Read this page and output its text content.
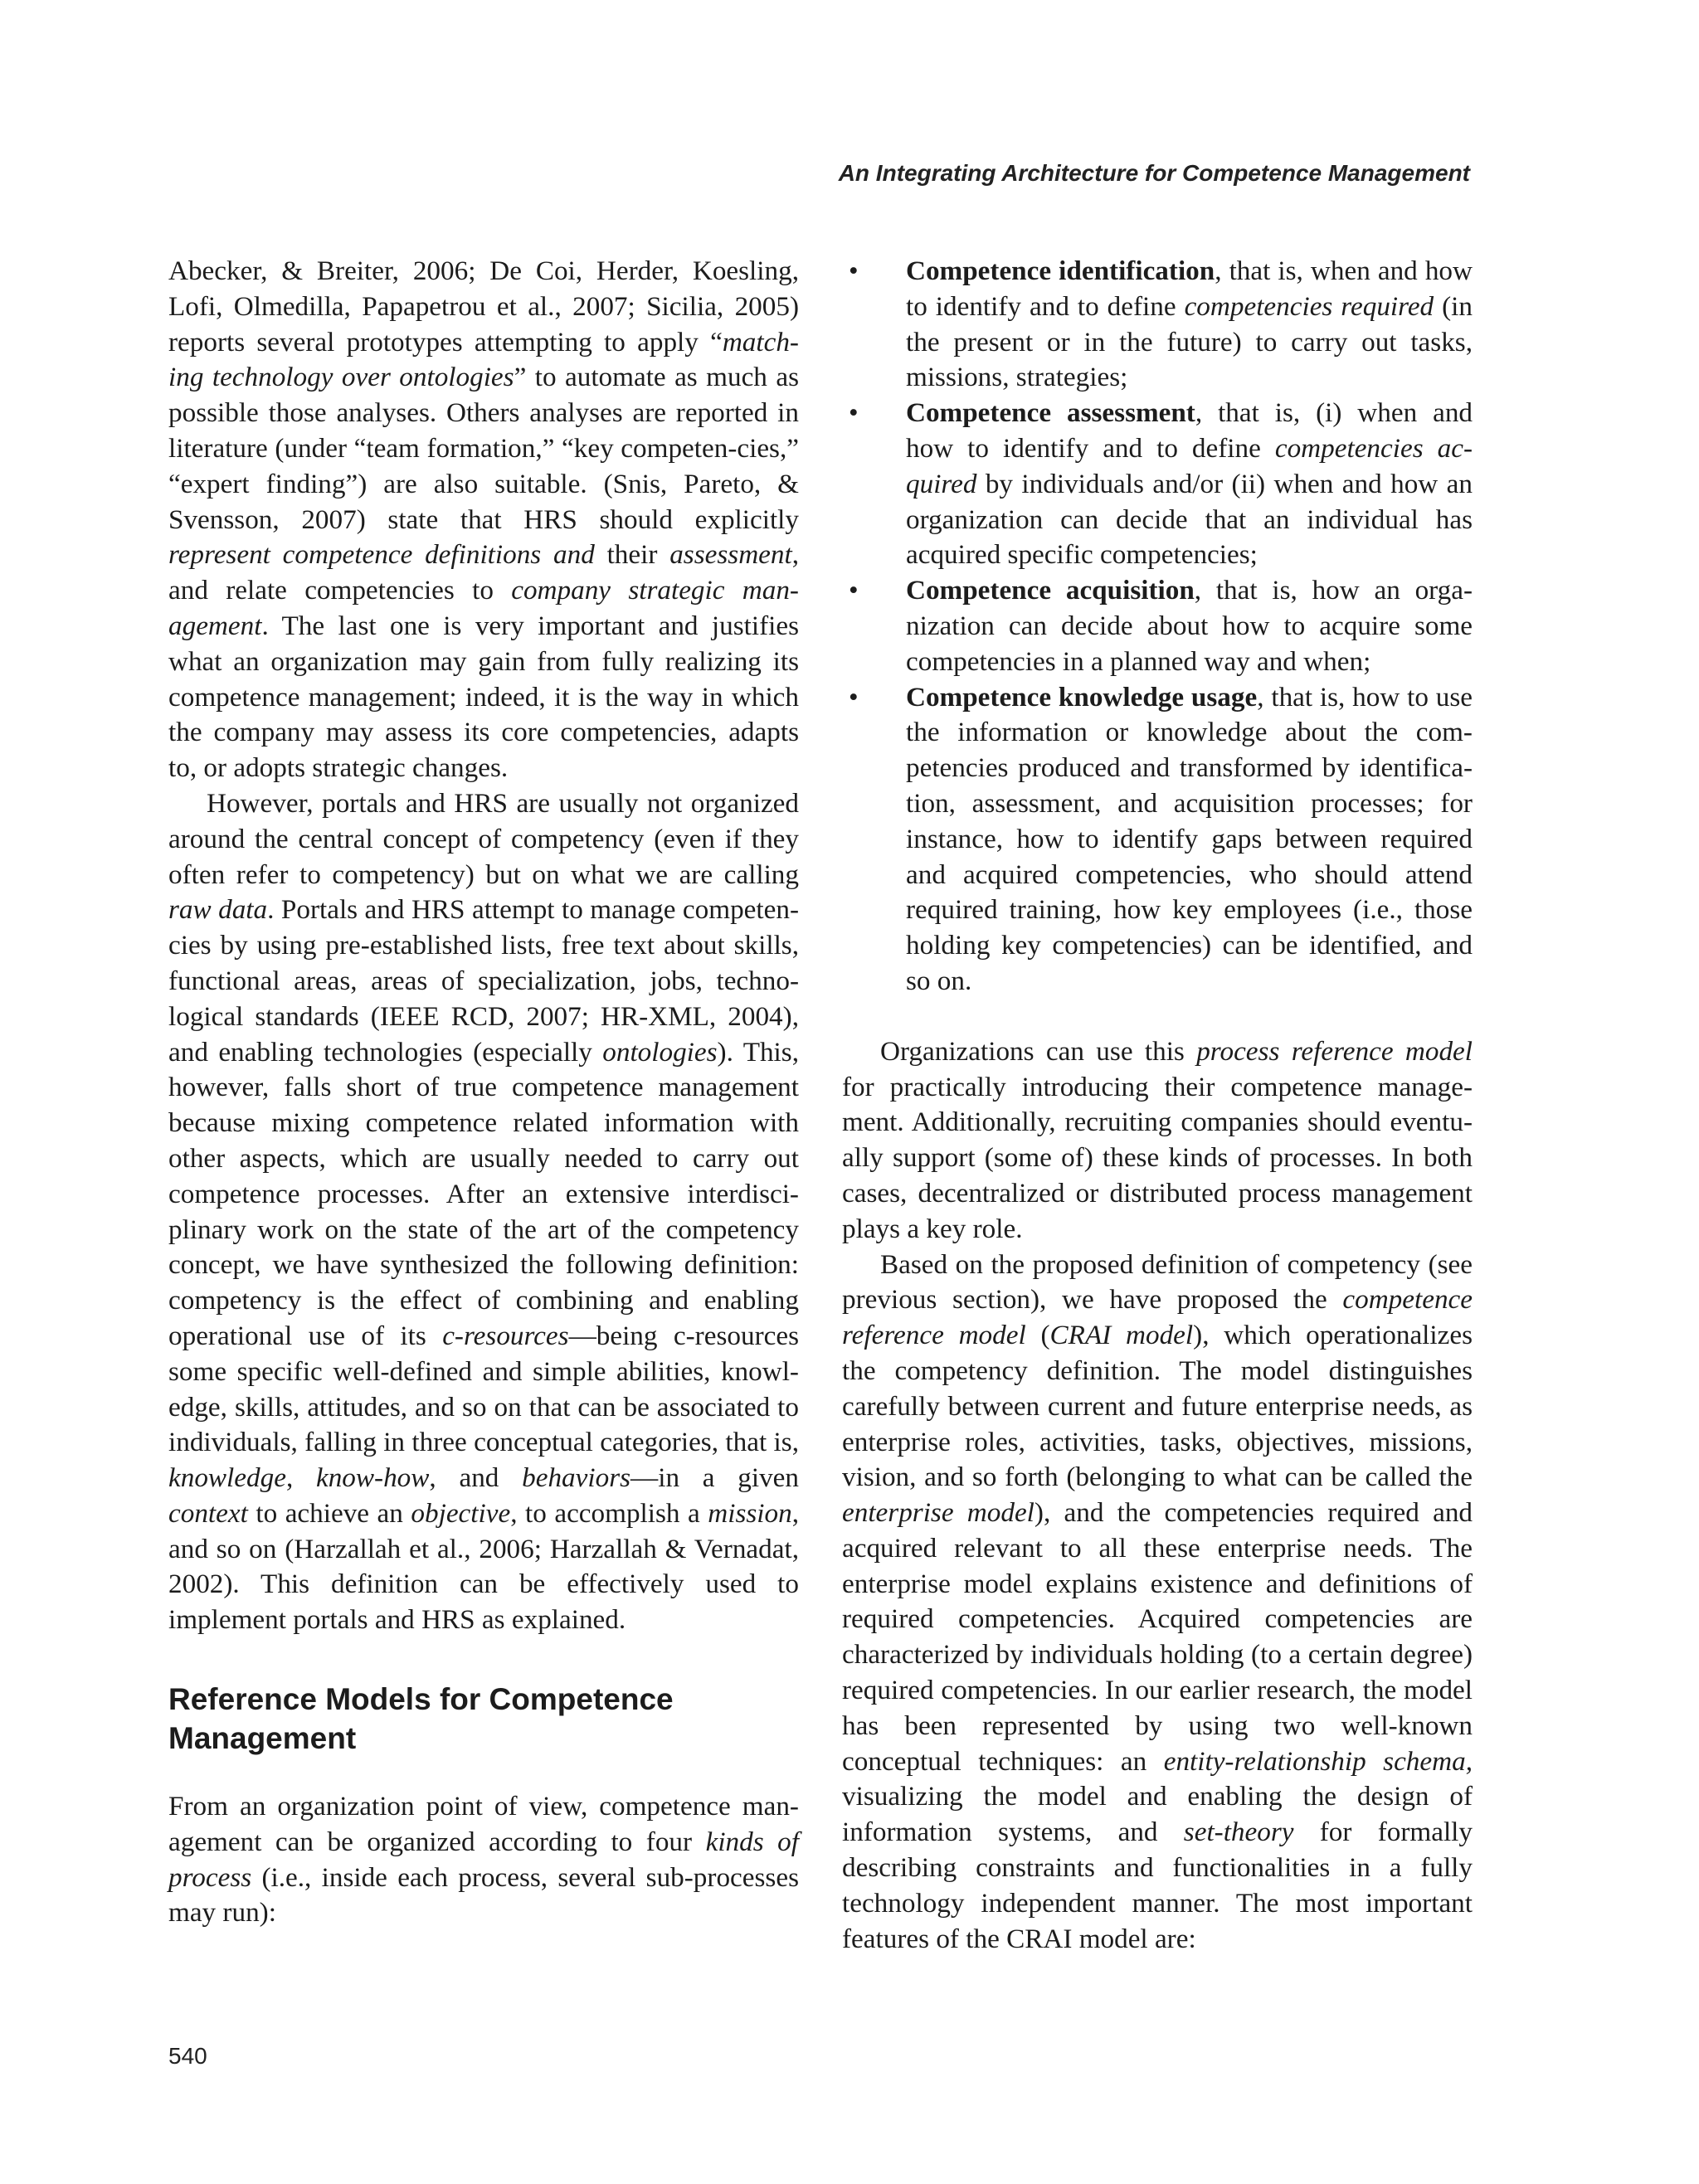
An Integrating Architecture for Competence Management

Abecker, & Breiter, 2006; De Coi, Herder, Koesling, Lofi, Olmedilla, Papapetrou et al., 2007; Sicilia, 2005) reports several prototypes attempting to apply “match-ing technology over ontologies” to automate as much as possible those analyses. Others analyses are reported in literature (under “team formation,” “key competen-cies,” “expert finding”) are also suitable. (Snis, Pareto, & Svensson, 2007) state that HRS should explicitly represent competence definitions and their assessment, and relate competencies to company strategic man-agement. The last one is very important and justifies what an organization may gain from fully realizing its competence management; indeed, it is the way in which the company may assess its core competencies, adapts to, or adopts strategic changes.

However, portals and HRS are usually not organized around the central concept of competency (even if they often refer to competency) but on what we are calling raw data. Portals and HRS attempt to manage competen-cies by using pre-established lists, free text about skills, functional areas, areas of specialization, jobs, techno-logical standards (IEEE RCD, 2007; HR-XML, 2004), and enabling technologies (especially ontologies). This, however, falls short of true competence management because mixing competence related information with other aspects, which are usually needed to carry out competence processes. After an extensive interdisci-plinary work on the state of the art of the competency concept, we have synthesized the following definition: competency is the effect of combining and enabling operational use of its c-resources—being c-resources some specific well-defined and simple abilities, knowl-edge, skills, attitudes, and so on that can be associated to individuals, falling in three conceptual categories, that is, knowledge, know-how, and behaviors—in a given context to achieve an objective, to accomplish a mission, and so on (Harzallah et al., 2006; Harzallah & Vernadat, 2002). This definition can be effectively used to implement portals and HRS as explained.

Reference Models for Competence Management

From an organization point of view, competence man-agement can be organized according to four kinds of process (i.e., inside each process, several sub-processes may run):

• Competence identification, that is, when and how to identify and to define competencies required (in the present or in the future) to carry out tasks, missions, strategies;
• Competence assessment, that is, (i) when and how to identify and to define competencies ac-quired by individuals and/or (ii) when and how an organization can decide that an individual has acquired specific competencies;
• Competence acquisition, that is, how an orga-nization can decide about how to acquire some competencies in a planned way and when;
• Competence knowledge usage, that is, how to use the information or knowledge about the com-petencies produced and transformed by identifica-tion, assessment, and acquisition processes; for instance, how to identify gaps between required and acquired competencies, who should attend required training, how key employees (i.e., those holding key competencies) can be identified, and so on.

Organizations can use this process reference model for practically introducing their competence manage-ment. Additionally, recruiting companies should eventu-ally support (some of) these kinds of processes. In both cases, decentralized or distributed process management plays a key role.

Based on the proposed definition of competency (see previous section), we have proposed the competence reference model (CRAI model), which operationalizes the competency definition. The model distinguishes carefully between current and future enterprise needs, as enterprise roles, activities, tasks, objectives, missions, vision, and so forth (belonging to what can be called the enterprise model), and the competencies required and acquired relevant to all these enterprise needs. The enterprise model explains existence and definitions of required competencies. Acquired competencies are characterized by individuals holding (to a certain degree) required competencies. In our earlier research, the model has been represented by using two well-known conceptual techniques: an entity-relationship schema, visualizing the model and enabling the design of information systems, and set-theory for formally describing constraints and functionalities in a fully technology independent manner. The most important features of the CRAI model are:

540
